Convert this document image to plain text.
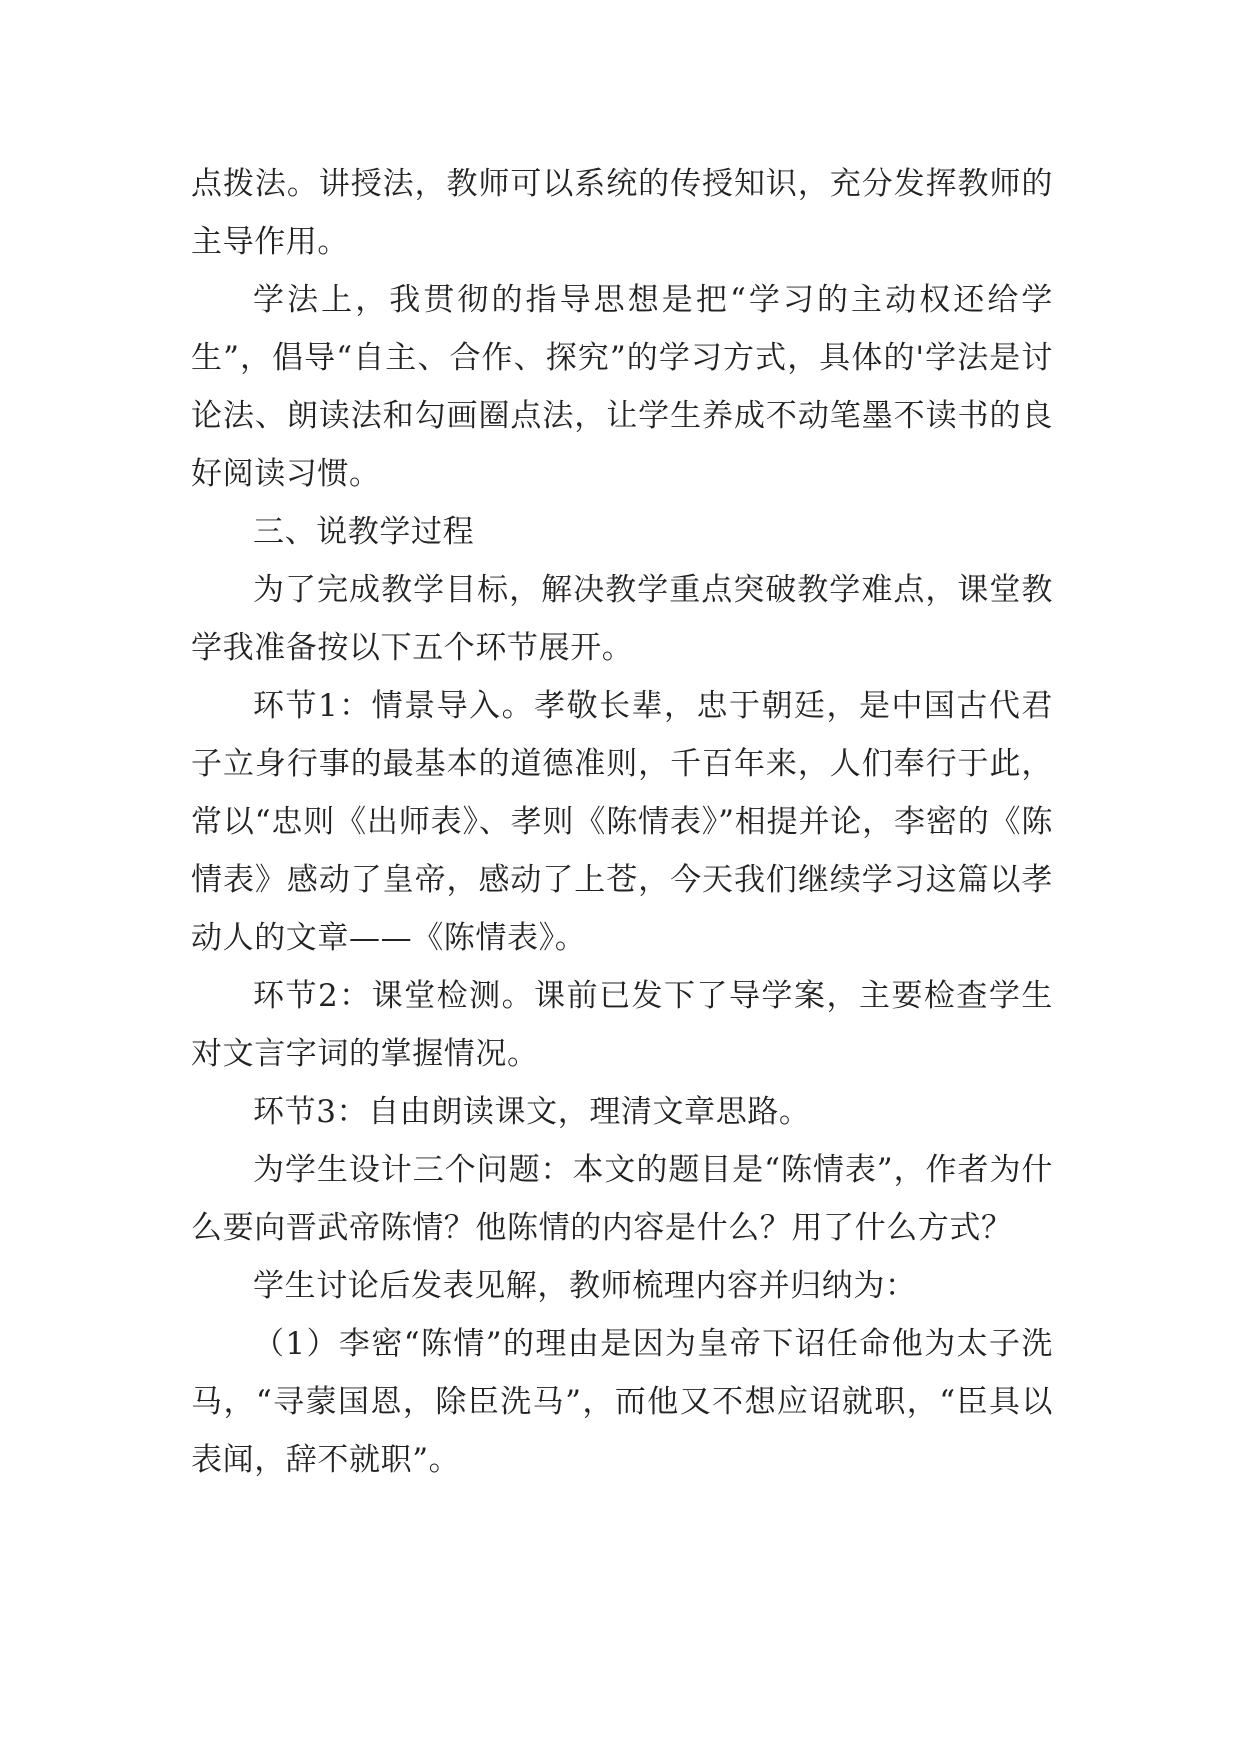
点拨法。讲授法，教师可以系统的传授知识，充分发挥教师的主导作用。

学法上，我贯彻的指导思想是把“学习的主动权还给学生”，倡导“自主、合作、探究”的学习方式，具体的'学法是讨论法、朗读法和勾画圈点法，让学生养成不动笔墨不读书的良好阅读习惯。

三、说教学过程

为了完成教学目标，解决教学重点突破教学难点，课堂教学我准备按以下五个环节展开。

环节1：情景导入。孝敬长辈，忠于朝廷，是中国古代君子立身行事的最基本的道德准则，千百年来，人们奉行于此，常以“忠则《出师表》、孝则《陈情表》”相提并论，李密的《陈情表》感动了皇帝，感动了上苍，今天我们继续学习这篇以孝动人的文章——《陈情表》。

环节2：课堂检测。课前已发下了导学案，主要检查学生对文言字词的掌握情况。

环节3：自由朗读课文，理清文章思路。

为学生设计三个问题：本文的题目是“陈情表”，作者为什么要向晋武帝陈情？他陈情的内容是什么？用了什么方式？

学生讨论后发表见解，教师梳理内容并归纳为：

（1）李密“陈情”的理由是因为皇帝下诏任命他为太子洗马，“寻蒙国恩，除臣洗马”，而他又不想应诏就职，“臣具以表闻，辞不就职”。
